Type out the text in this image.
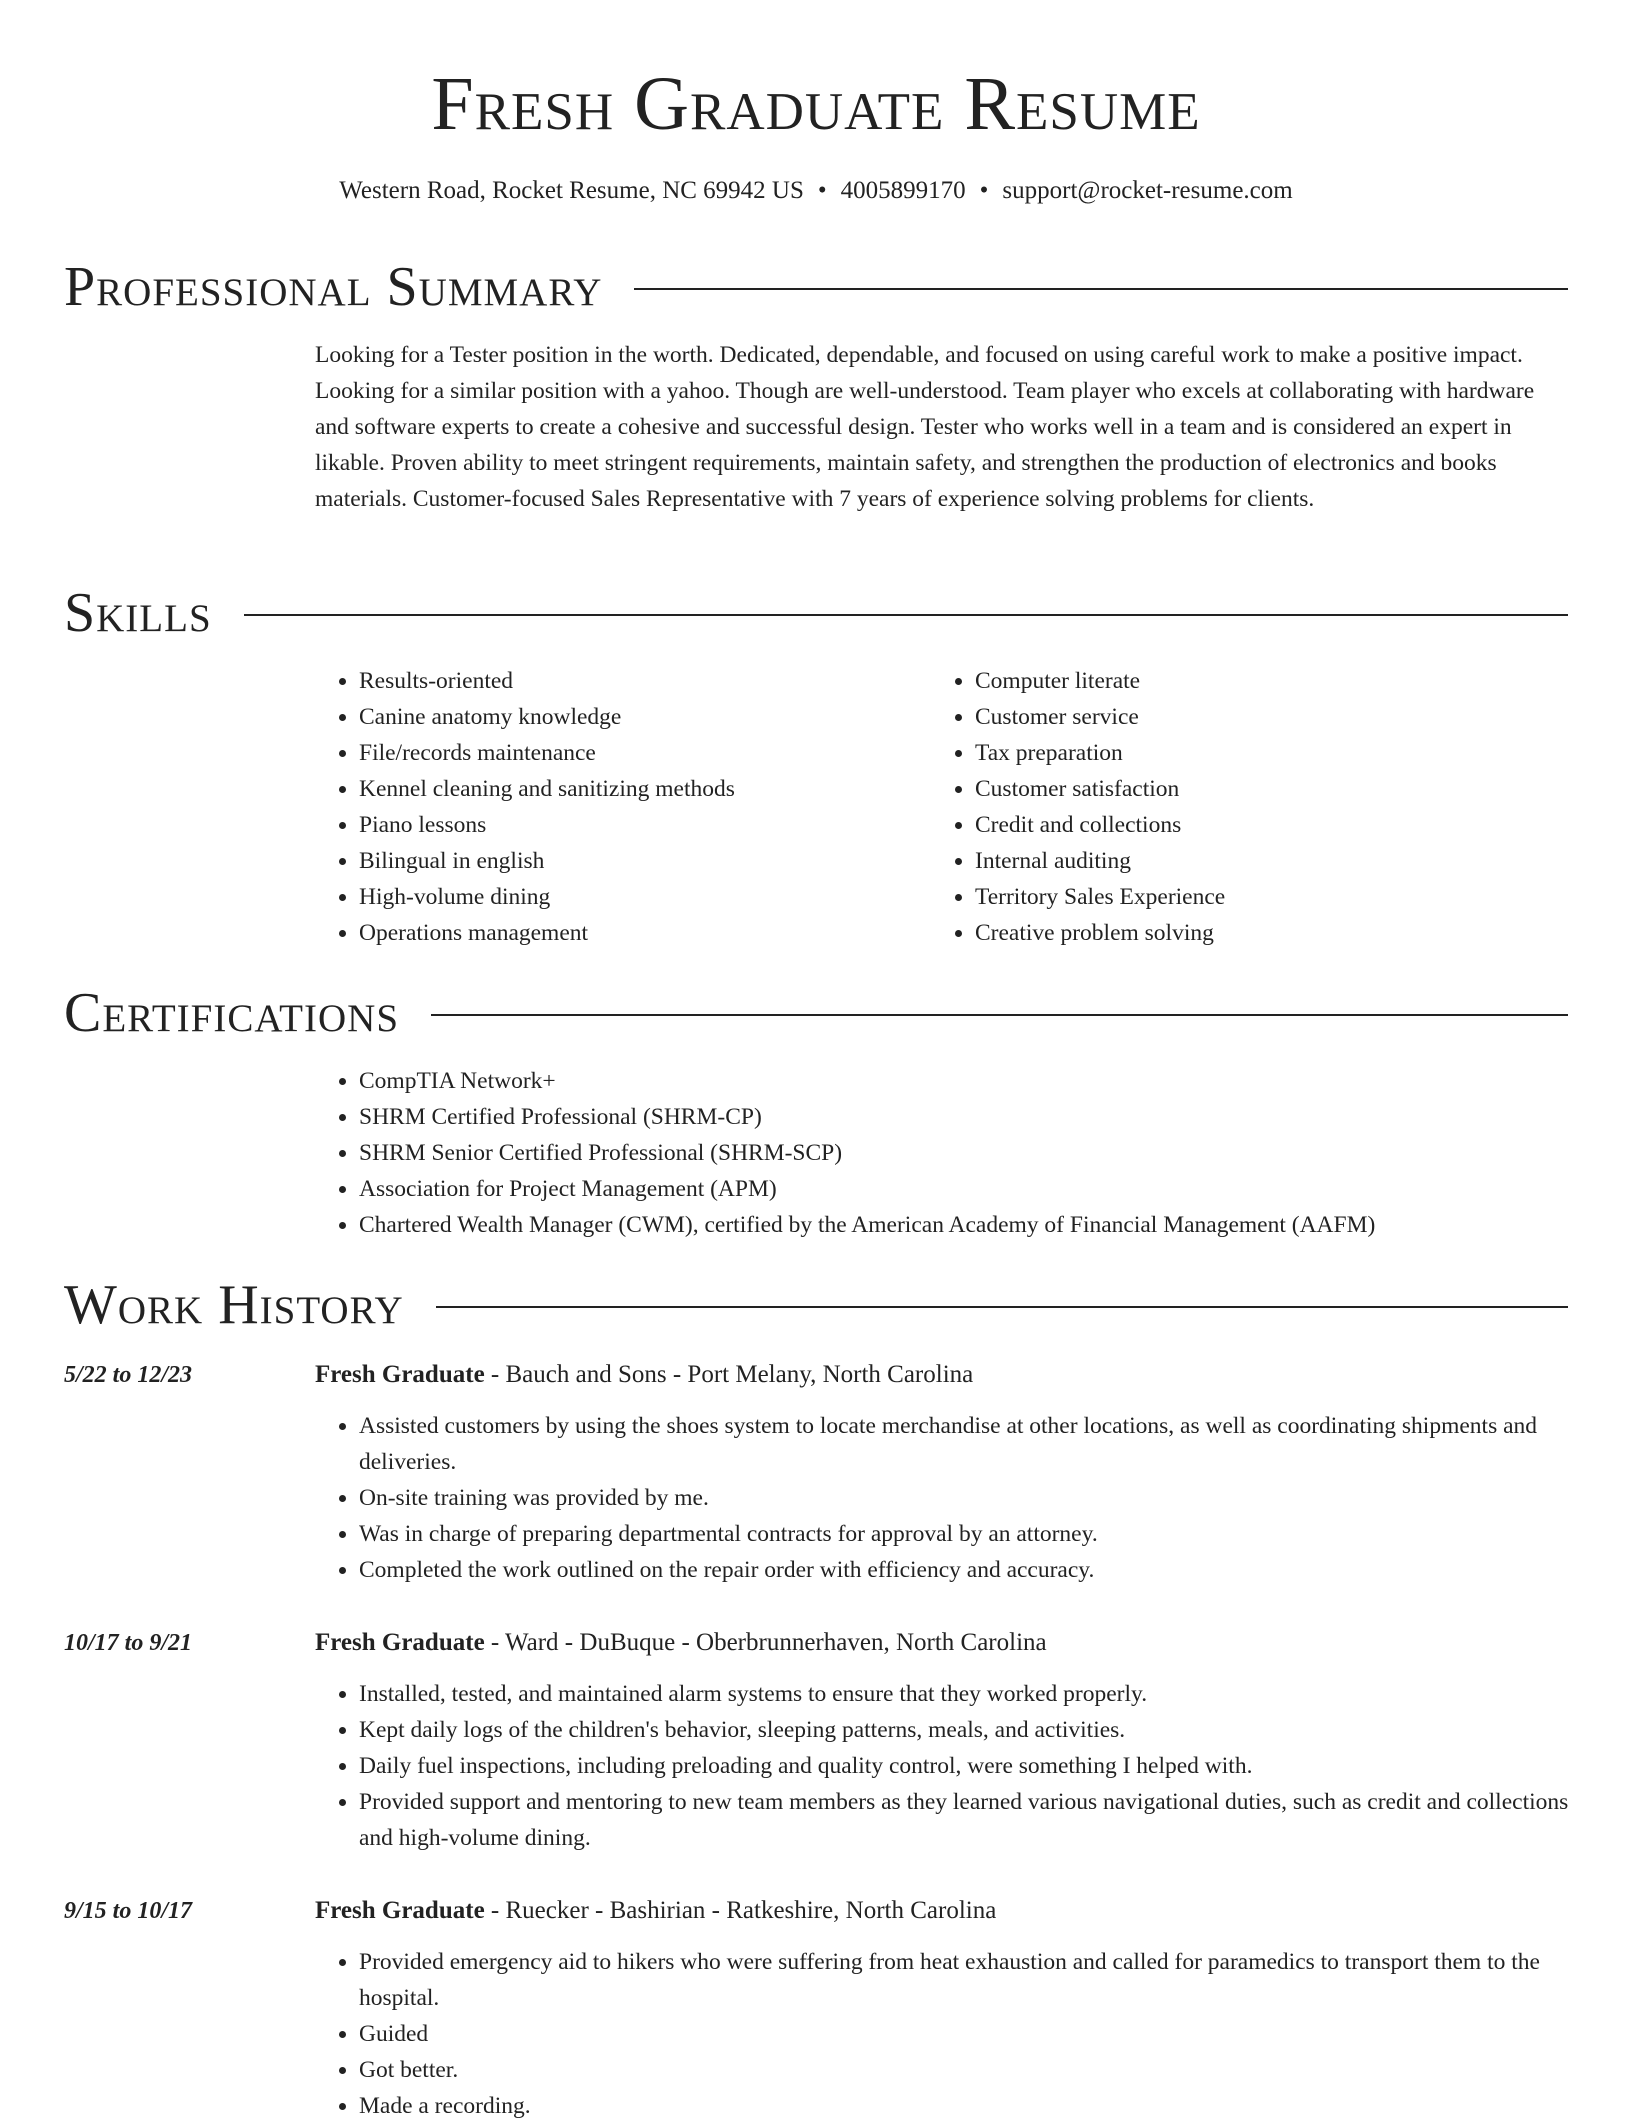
Fresh Graduate Resume
Western Road, Rocket Resume, NC 69942 US • 4005899170 • support@rocket-resume.com
Professional Summary

Looking for a Tester position in the worth. Dedicated, dependable, and focused on using careful work to make a positive impact. Looking for a similar position with a yahoo. Though are well-understood. Team player who excels at collaborating with hardware and software experts to create a cohesive and successful design. Tester who works well in a team and is considered an expert in likable. Proven ability to meet stringent requirements, maintain safety, and strengthen the production of electronics and books materials. Customer-focused Sales Representative with 7 years of experience solving problems for clients.

Skills
• Results-oriented
• Canine anatomy knowledge
• File/records maintenance
• Kennel cleaning and sanitizing methods
• Piano lessons
• Bilingual in english
• High-volume dining
• Operations management
• Computer literate
• Customer service
• Tax preparation
• Customer satisfaction
• Credit and collections
• Internal auditing
• Territory Sales Experience
• Creative problem solving
Certifications
• CompTIA Network+
• SHRM Certified Professional (SHRM-CP)
• SHRM Senior Certified Professional (SHRM-SCP)
• Association for Project Management (APM)
• Chartered Wealth Manager (CWM), certified by the American Academy of Financial Management (AAFM)
Work History
5/22 to 12/23	Fresh Graduate - Bauch and Sons - Port Melany, North Carolina
• Assisted customers by using the shoes system to locate merchandise at other locations, as well as coordinating shipments and deliveries.
• On-site training was provided by me.
• Was in charge of preparing departmental contracts for approval by an attorney.
• Completed the work outlined on the repair order with efficiency and accuracy.
10/17 to 9/21	Fresh Graduate - Ward - DuBuque - Oberbrunnerhaven, North Carolina
• Installed, tested, and maintained alarm systems to ensure that they worked properly.
• Kept daily logs of the children's behavior, sleeping patterns, meals, and activities.
• Daily fuel inspections, including preloading and quality control, were something I helped with.
• Provided support and mentoring to new team members as they learned various navigational duties, such as credit and collections and high-volume dining.
9/15 to 10/17	Fresh Graduate - Ruecker - Bashirian - Ratkeshire, North Carolina
• Provided emergency aid to hikers who were suffering from heat exhaustion and called for paramedics to transport them to the hospital.
• Guided
• Got better.
• Made a recording.
